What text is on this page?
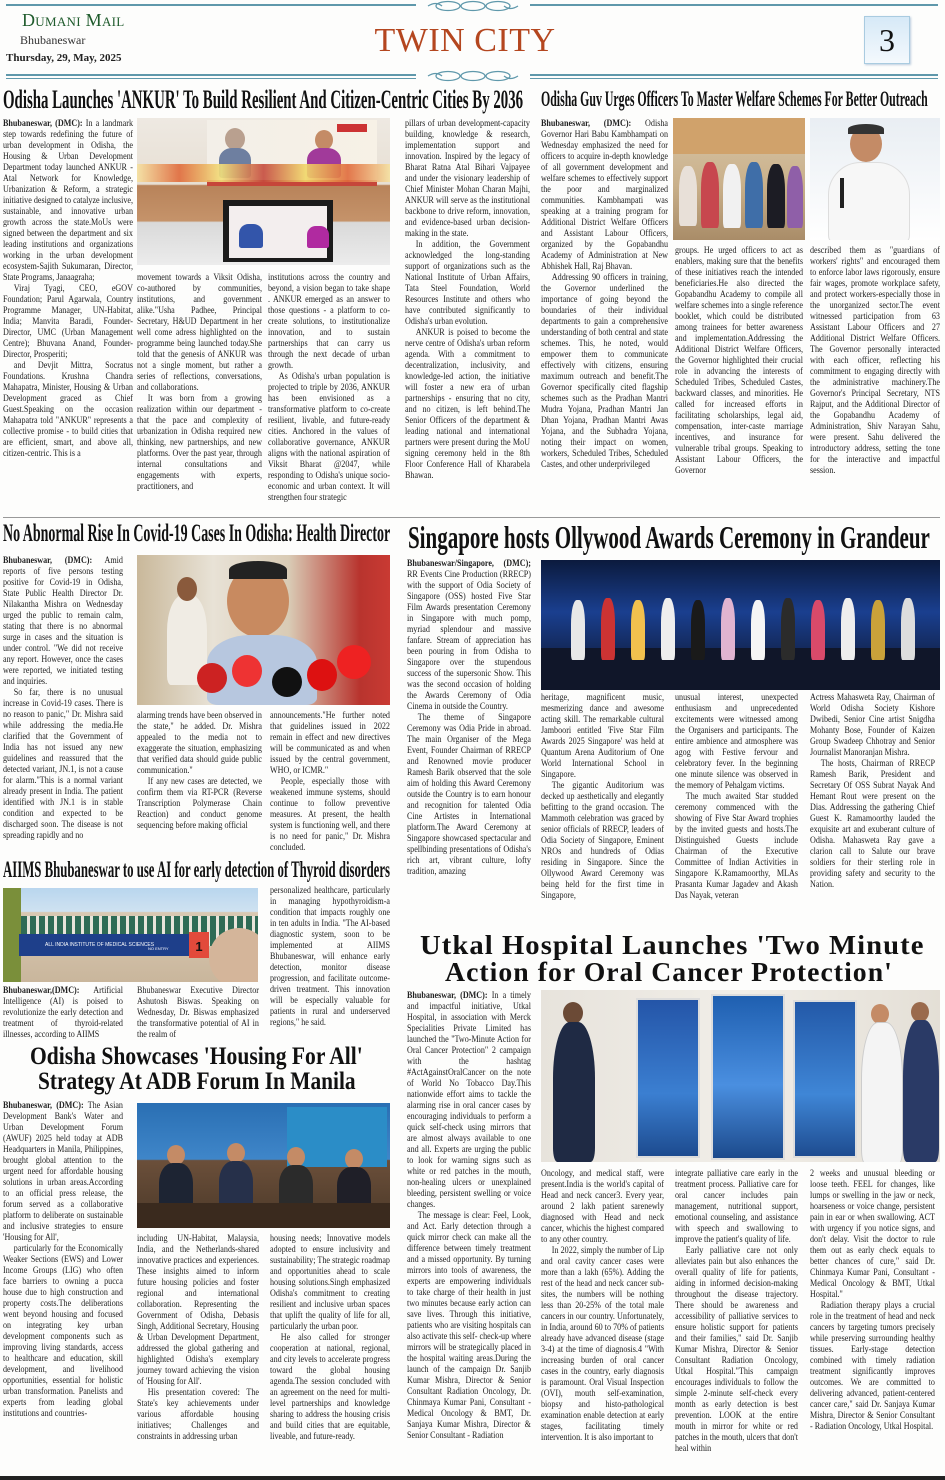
Dumani Mail
Bhubaneswar
Thursday, 29, May, 2025	TWIN CITY	3
Odisha Launches 'ANKUR' To Build Resilient And Citizen-Centric Cities By 2036

Bhubaneswar, (DMC): In a landmark step towards redefining the future of urban development in Odisha, the Housing & Urban Development Department today launched ANKUR - Atal Network for Knowledge, Urbanization & Reform, a strategic initiative designed to catalyze inclusive, sustainable, and innovative urban growth across the state.MoUs were signed between the department and six leading institutions and organizations working in the urban development ecosystem-Sajith Sukumaran, Director, State Programs, Janaagraha;

Viraj Tyagi, CEO, eGOV Foundation; Parul Agarwala, Country Programme Manager, UN-Habitat, India; Manvita Baradi, Founder-Director, UMC (Urban Management Centre); Bhuvana Anand, Founder-Director, Prosperiti;

and Devjit Mittra, Socratus Foundations. Krushna Chandra Mahapatra, Minister, Housing & Urban Development graced as Chief Guest.Speaking on the occasion Mahapatra told "ANKUR" represents a collective promise - to build cities that are efficient, smart, and above all, citizen-centric. This is a

movement towards a Viksit Odisha, co-authored by communities, institutions, and government alike."Usha Padhee, Principal Secretary, H&UD Department in her well come adress highlighted on the programme being launched today.She told that the genesis of ANKUR was not a single moment, but rather a series of reflections, conversations, and collaborations.

It was born from a growing realization within our department - that the pace and complexity of urbanization in Odisha required new thinking, new partnerships, and new platforms. Over the past year, through internal consultations and engagements with experts, practitioners, and

institutions across the country and beyond, a vision began to take shape . ANKUR emerged as an answer to those questions - a platform to co-create solutions, to institutionalize innovation, and to sustain partnerships that can carry us through the next decade of urban growth.

As Odisha's urban population is projected to triple by 2036, ANKUR has been envisioned as a transformative platform to co-create resilient, livable, and future-ready cities. Anchored in the values of collaborative governance, ANKUR aligns with the national aspiration of Viksit Bharat @2047, while responding to Odisha's unique socio-economic and urban context. It will strengthen four strategic

pillars of urban development-capacity building, knowledge & research, implementation support and innovation. Inspired by the legacy of Bharat Ratna Atal Bihari Vajpayee and under the visionary leadership of Chief Minister Mohan Charan Majhi, ANKUR will serve as the institutional backbone to drive reform, innovation, and evidence-based urban decision-making in the state.

In addition, the Government acknowledged the long-standing support of organizations such as the National Institute of Urban Affairs, Tata Steel Foundation, World Resources Institute and others who have contributed significantly to Odisha's urban evolution.

ANKUR is poised to become the nerve centre of Odisha's urban reform agenda. With a commitment to decentralization, inclusivity, and knowledge-led action, the initiative will foster a new era of urban partnerships - ensuring that no city, and no citizen, is left behind.The Senior Officers of the department & leading national and international partners were present during the MoU signing ceremony held in the 8th Floor Conference Hall of Kharabela Bhawan.

Odisha Guv Urges Officers To Master Welfare Schemes For Better Outreach

Bhubaneswar, (DMC): Odisha Governor Hari Babu Kambhampati on Wednesday emphasized the need for officers to acquire in-depth knowledge of all government development and welfare schemes to effectively support the poor and marginalized communities. Kambhampati was speaking at a training program for Additional District Welfare Officers and Assistant Labour Officers, organized by the Gopabandhu Academy of Administration at New Abhishek Hall, Raj Bhavan.

Addressing 90 officers in training, the Governor underlined the importance of going beyond the boundaries of their individual departments to gain a comprehensive understanding of both central and state schemes. This, he noted, would empower them to communicate effectively with citizens, ensuring maximum outreach and benefit.The Governor specifically cited flagship schemes such as the Pradhan Mantri Mudra Yojana, Pradhan Mantri Jan Dhan Yojana, Pradhan Mantri Awas Yojana, and the Subhadra Yojana, noting their impact on women, workers, Scheduled Tribes, Scheduled Castes, and other underprivileged

groups. He urged officers to act as enablers, making sure that the benefits of these initiatives reach the intended beneficiaries.He also directed the Gopabandhu Academy to compile all welfare schemes into a single reference booklet, which could be distributed among trainees for better awareness and implementation.Addressing the Additional District Welfare Officers, the Governor highlighted their crucial role in advancing the interests of Scheduled Tribes, Scheduled Castes, backward classes, and minorities. He called for increased efforts in facilitating scholarships, legal aid, compensation, inter-caste marriage incentives, and insurance for vulnerable tribal groups. Speaking to Assistant Labour Officers, the Governor

described them as "guardians of workers' rights" and encouraged them to enforce labor laws rigorously, ensure fair wages, promote workplace safety, and protect workers-especially those in the unorganized sector.The event witnessed participation from 63 Assistant Labour Officers and 27 Additional District Welfare Officers. The Governor personally interacted with each officer, reflecting his commitment to engaging directly with the administrative machinery.The Governor's Principal Secretary, NTS Rajput, and the Additional Director of the Gopabandhu Academy of Administration, Shiv Narayan Sahu, were present. Sahu delivered the introductory address, setting the tone for the interactive and impactful session.

No Abnormal Rise In Covid-19 Cases In Odisha: Health Director

Bhubaneswar, (DMC): Amid reports of five persons testing positive for Covid-19 in Odisha, State Public Health Director Dr. Nilakantha Mishra on Wednesday urged the public to remain calm, stating that there is no abnormal surge in cases and the situation is under control. "We did not receive any report. However, once the cases were reported, we initiated testing and inquiries.

So far, there is no unusual increase in Covid-19 cases. There is no reason to panic," Dr. Mishra said while addressing the media.He clarified that the Government of India has not issued any new guidelines and reassured that the detected variant, JN.1, is not a cause for alarm."This is a normal variant already present in India. The patient identified with JN.1 is in stable condition and expected to be discharged soon. The disease is not spreading rapidly and no

alarming trends have been observed in the state," he added. Dr. Mishra appealed to the media not to exaggerate the situation, emphasizing that verified data should guide public communication."

If any new cases are detected, we confirm them via RT-PCR (Reverse Transcription Polymerase Chain Reaction) and conduct genome sequencing before making official

announcements."He further noted that guidelines issued in 2022 remain in effect and new directives will be communicated as and when issued by the central government, WHO, or ICMR."

People, especially those with weakened immune systems, should continue to follow preventive measures. At present, the health system is functioning well, and there is no need for panic," Dr. Mishra concluded.

AIIMS Bhubaneswar to use AI for early detection of Thyroid disorders
ALL INDIA INSTITUTE OF MEDICAL SCIENCES
NO ENTRY	1

Bhubaneswar,(DMC): Artificial Intelligence (AI) is poised to revolutionize the early detection and treatment of thyroid-related illnesses, according to AIIMS

Bhubaneswar Executive Director Ashutosh Biswas. Speaking on Wednesday, Dr. Biswas emphasized the transformative potential of AI in the realm of

personalized healthcare, particularly in managing hypothyroidism-a condition that impacts roughly one in ten adults in India. "The AI-based diagnostic system, soon to be implemented at AIIMS Bhubaneswar, will enhance early detection, monitor disease progression, and facilitate outcome-driven treatment. This innovation will be especially valuable for patients in rural and underserved regions," he said.

Odisha Showcases 'Housing For All'
Strategy At ADB Forum In Manila

Bhubaneswar, (DMC): The Asian Development Bank's Water and Urban Development Forum (AWUF) 2025 held today at ADB Headquarters in Manila, Philippines, brought global attention to the urgent need for affordable housing solutions in urban areas.According to an official press release, the forum served as a collaborative platform to deliberate on sustainable and inclusive strategies to ensure 'Housing for All',

particularly for the Economically Weaker Sections (EWS) and Lower Income Groups (LIG) who often face barriers to owning a pucca house due to high construction and property costs.The deliberations went beyond housing and focused on integrating key urban development components such as improving living standards, access to healthcare and education, skill development, and livelihood opportunities, essential for holistic urban transformation. Panelists and experts from leading global institutions and countries-

including UN-Habitat, Malaysia, India, and the Netherlands-shared innovative practices and experiences. These insights aimed to inform future housing policies and foster regional and international collaboration. Representing the Government of Odisha, Debasis Singh, Additional Secretary, Housing & Urban Development Department, addressed the global gathering and highlighted Odisha's exemplary journey toward achieving the vision of 'Housing for All'.

His presentation covered: The State's key achievements under various affordable housing initiatives; Challenges and constraints in addressing urban

housing needs; Innovative models adopted to ensure inclusivity and sustainability; The strategic roadmap and opportunities ahead to scale housing solutions.Singh emphasized Odisha's commitment to creating resilient and inclusive urban spaces that uplift the quality of life for all, particularly the urban poor.

He also called for stronger cooperation at national, regional, and city levels to accelerate progress toward the global housing agenda.The session concluded with an agreement on the need for multi-level partnerships and knowledge sharing to address the housing crisis and build cities that are equitable, liveable, and future-ready.

Singapore hosts Ollywood Awards Ceremony in Grandeur

Bhubaneswar/Singapore, (DMC); RR Events Cine Production (RRECP) with the support of Odia Society of Singapore (OSS) hosted Five Star Film Awards presentation Ceremony in Singapore with much pomp, myriad splendour and massive fanfare. Stream of appreciation has been pouring in from Odisha to Singapore over the stupendous success of the supersonic Show. This was the second occasion of holding the Awards Ceremony of Odia Cinema in outside the Country.

The theme of Singapore Ceremony was Odia Pride in abroad. The main Organiser of the Mega Event, Founder Chairman of RRECP and Renowned movie producer Ramesh Barik observed that the sole aim of holding this Award Ceremony outside the Country is to earn honour and recognition for talented Odia Cine Artistes in International platform.The Award Ceremony at Singapore showcased spectacular and spellbinding presentations of Odisha's rich art, vibrant culture, lofty tradition, amazing

heritage, magnificent music, mesmerizing dance and awesome acting skill. The remarkable cultural Jamboori entitled 'Five Star Film Awards 2025 Singapore' was held at Quantum Arena Auditorium of One World International School in Singapore.

The gigantic Auditorium was decked up aesthetically and elegantly befitting to the grand occasion. The Mammoth celebration was graced by senior officials of RRECP, leaders of Odia Society of Singapore, Eminent NROs and hundreds of Odias residing in Singapore. Since the Ollywood Award Ceremony was being held for the first time in Singapore,

unusual interest, unexpected enthusiasm and unprecedented excitements were witnessed among the Organisers and participants. The entire ambience and atmosphere was agog with Festive fervour and celebratory fever. In the beginning one minute silence was observed in the memory of Pehalgam victims.

The much awaited Star studded ceremony commenced with the showing of Five Star Award trophies by the invited guests and hosts.The Distinguished Guests include Chairman of the Executive Committee of Indian Activities in Singapore K.Ramamoorthy, MLAs Prasanta Kumar Jagadev and Akash Das Nayak, veteran

Actress Mahasweta Ray, Chairman of World Odisha Society Kishore Dwibedi, Senior Cine artist Snigdha Mohanty Bose, Founder of Kaizen Group Swadeep Chhotray and Senior Journalist Manoranjan Mishra.

The hosts, Chairman of RRECP Ramesh Barik, President and Secretary Of OSS Subrat Nayak And Hemant Rout were present on the Dias. Addressing the gathering Chief Guest K. Ramamoorthy lauded the exquisite art and exuberant culture of Odisha. Mahasweta Ray gave a clarion call to Salute our brave soldiers for their sterling role in providing safety and security to the Nation.

Utkal Hospital Launches 'Two Minute
Action for Oral Cancer Protection'

Bhubaneswar, (DMC): In a timely and impactful initiative, Utkal Hospital, in association with Merck Specialities Private Limited has launched the "Two-Minute Action for Oral Cancer Protection" 2 campaign with the hashtag #ActAgainstOralCancer on the note of World No Tobacco Day.This nationwide effort aims to tackle the alarming rise in oral cancer cases by encouraging individuals to perform a quick self-check using mirrors that are almost always available to one and all. Experts are urging the public to look for warning signs such as white or red patches in the mouth, non-healing ulcers or unexplained bleeding, persistent swelling or voice changes.

The message is clear: Feel, Look, and Act. Early detection through a quick mirror check can make all the difference between timely treatment and a missed opportunity. By turning mirrors into tools of awareness, the experts are empowering individuals to take charge of their health in just two minutes because early action can save lives. Through this initiative, patients who are visiting hospitals can also activate this self- check-up where mirrors will be strategically placed in the hospital waiting areas.During the launch of the campaign Dr. Sanjib Kumar Mishra, Director & Senior Consultant Radiation Oncology, Dr. Chinmaya Kumar Pani, Consultant - Medical Oncology & BMT, Dr. Sanjaya Kumar Mishra, Director & Senior Consultant - Radiation

Oncology, and medical staff, were present.India is the world's capital of Head and neck cancer3. Every year, around 2 lakh patient sarenewly diagnosed with Head and neck cancer, whichis the highest compared to any other country.

In 2022, simply the number of Lip and oral cavity cancer cases were more than a lakh (65%). Adding the rest of the head and neck cancer sub-sites, the numbers will be nothing less than 20-25% of the total male cancers in our country. Unfortunately, in India, around 60 to 70% of patients already have advanced disease (stage 3-4) at the time of diagnosis.4 "With increasing burden of oral cancer cases in the country, early diagnosis is paramount. Oral Visual Inspection (OVI), mouth self-examination, biopsy and histo-pathological examination enable detection at early stages, facilitating timely intervention. It is also important to

integrate palliative care early in the treatment process. Palliative care for oral cancer includes pain management, nutritional support, emotional counseling, and assistance with speech and swallowing to improve the patient's quality of life.

Early palliative care not only alleviates pain but also enhances the overall quality of life for patients, aiding in informed decision-making throughout the disease trajectory. There should be awareness and accessibility of palliative services to ensure holistic support for patients and their families," said Dr. Sanjib Kumar Mishra, Director & Senior Consultant Radiation Oncology, Utkal Hospital."This campaign encourages individuals to follow the simple 2-minute self-check every month as early detection is best prevention. LOOK at the entire mouth in mirror for white or red patches in the mouth, ulcers that don't heal within

2 weeks and unusual bleeding or loose teeth. FEEL for changes, like lumps or swelling in the jaw or neck, hoarseness or voice change, persistent pain in ear or when swallowing. ACT with urgency if you notice signs, and don't delay. Visit the doctor to rule them out as early check equals to better chances of cure," said Dr. Chinmaya Kumar Pani, Consultant - Medical Oncology & BMT, Utkal Hospital."

Radiation therapy plays a crucial role in the treatment of head and neck cancers by targeting tumors precisely while preserving surrounding healthy tissues. Early-stage detection combined with timely radiation treatment significantly improves outcomes. We are committed to delivering advanced, patient-centered cancer care," said Dr. Sanjaya Kumar Mishra, Director & Senior Consultant - Radiation Oncology, Utkal Hospital.
